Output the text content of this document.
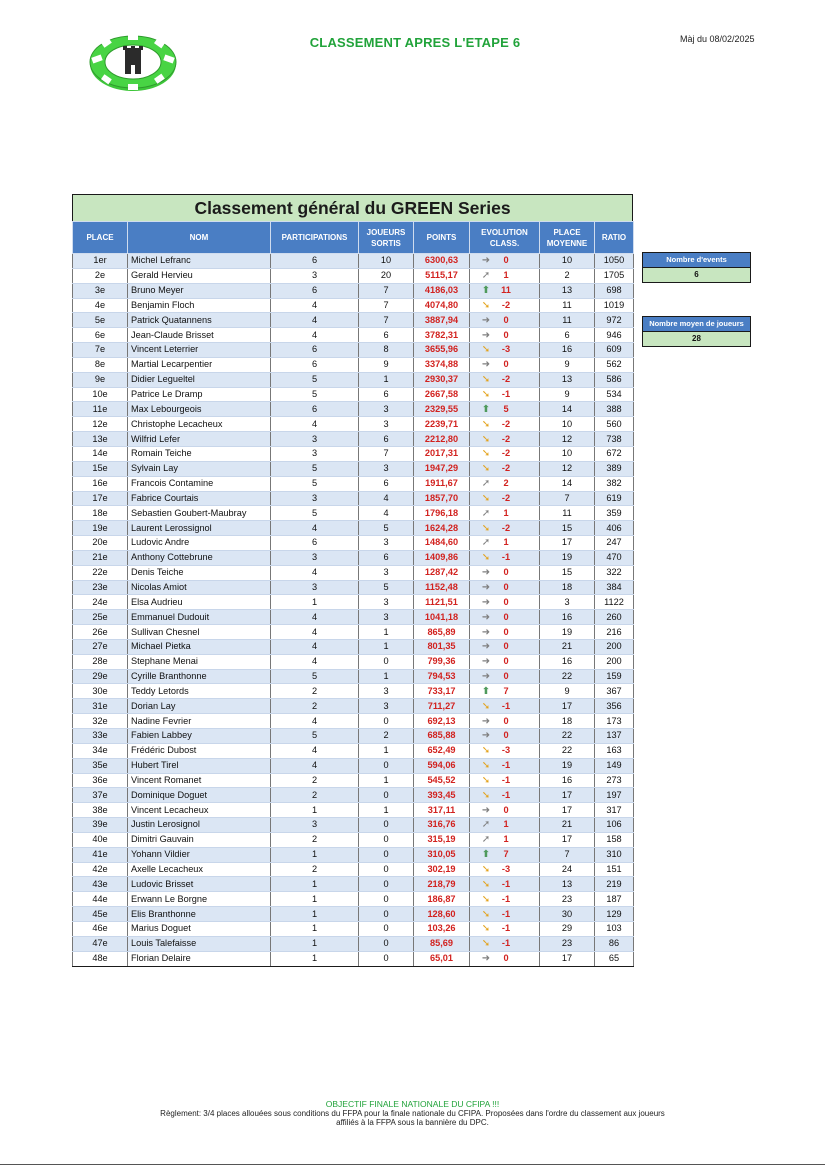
CLASSEMENT APRES L'ETAPE 6	Màj du 08/02/2025
Classement général du GREEN Series
PLACE	NOM	PARTICIPATIONS	JOUEURS SORTIS	POINTS	EVOLUTION CLASS.	PLACE MOYENNE	RATIO
1er	Michel Lefranc	6	10	6300,63	➜ 0	10	1050
2e	Gerald Hervieu	3	20	5115,17	➚ 1	2	1705
3e	Bruno Meyer	6	7	4186,03	⬆ 11	13	698
4e	Benjamin Floch	4	7	4074,80	➘ -2	11	1019
5e	Patrick Quatannens	4	7	3887,94	➜ 0	11	972
6e	Jean-Claude Brisset	4	6	3782,31	➜ 0	6	946
7e	Vincent Leterrier	6	8	3655,96	➘ -3	16	609
8e	Martial Lecarpentier	6	9	3374,88	➜ 0	9	562
9e	Didier Legueltel	5	1	2930,37	➘ -2	13	586
10e	Patrice Le Dramp	5	6	2667,58	➘ -1	9	534
11e	Max Lebourgeois	6	3	2329,55	⬆ 5	14	388
12e	Christophe Lecacheux	4	3	2239,71	➘ -2	10	560
13e	Wilfrid Lefer	3	6	2212,80	➘ -2	12	738
14e	Romain Teiche	3	7	2017,31	➘ -2	10	672
15e	Sylvain Lay	5	3	1947,29	➘ -2	12	389
16e	Francois Contamine	5	6	1911,67	➚ 2	14	382
17e	Fabrice Courtais	3	4	1857,70	➘ -2	7	619
18e	Sebastien Goubert-Maubray	5	4	1796,18	➚ 1	11	359
19e	Laurent Lerossignol	4	5	1624,28	➘ -2	15	406
20e	Ludovic Andre	6	3	1484,60	➚ 1	17	247
21e	Anthony Cottebrune	3	6	1409,86	➘ -1	19	470
22e	Denis Teiche	4	3	1287,42	➜ 0	15	322
23e	Nicolas Amiot	3	5	1152,48	➜ 0	18	384
24e	Elsa Audrieu	1	3	1121,51	➜ 0	3	1122
25e	Emmanuel Dudouit	4	3	1041,18	➜ 0	16	260
26e	Sullivan Chesnel	4	1	865,89	➜ 0	19	216
27e	Michael Pietka	4	1	801,35	➜ 0	21	200
28e	Stephane Menai	4	0	799,36	➜ 0	16	200
29e	Cyrille Branthonne	5	1	794,53	➜ 0	22	159
30e	Teddy Letords	2	3	733,17	⬆ 7	9	367
31e	Dorian Lay	2	3	711,27	➘ -1	17	356
32e	Nadine Fevrier	4	0	692,13	➜ 0	18	173
33e	Fabien Labbey	5	2	685,88	➜ 0	22	137
34e	Frédéric Dubost	4	1	652,49	➘ -3	22	163
35e	Hubert Tirel	4	0	594,06	➘ -1	19	149
36e	Vincent Romanet	2	1	545,52	➘ -1	16	273
37e	Dominique Doguet	2	0	393,45	➘ -1	17	197
38e	Vincent Lecacheux	1	1	317,11	➜ 0	17	317
39e	Justin Lerosignol	3	0	316,76	➚ 1	21	106
40e	Dimitri Gauvain	2	0	315,19	➚ 1	17	158
41e	Yohann Vildier	1	0	310,05	⬆ 7	7	310
42e	Axelle Lecacheux	2	0	302,19	➘ -3	24	151
43e	Ludovic Brisset	1	0	218,79	➘ -1	13	219
44e	Erwann Le Borgne	1	0	186,87	➘ -1	23	187
45e	Elis Branthonne	1	0	128,60	➘ -1	30	129
46e	Marius Doguet	1	0	103,26	➘ -1	29	103
47e	Louis Talefaisse	1	0	85,69	➘ -1	23	86
48e	Florian Delaire	1	0	65,01	➜ 0	17	65
Nombre d'events
6
Nombre moyen de joueurs
28
OBJECTIF FINALE NATIONALE DU CFIPA !!!
Règlement: 3/4 places allouées sous conditions du FFPA pour la finale nationale du CFIPA. Proposées dans l'ordre du classement aux joueurs
affiliés à la FFPA sous la bannière du DPC.
